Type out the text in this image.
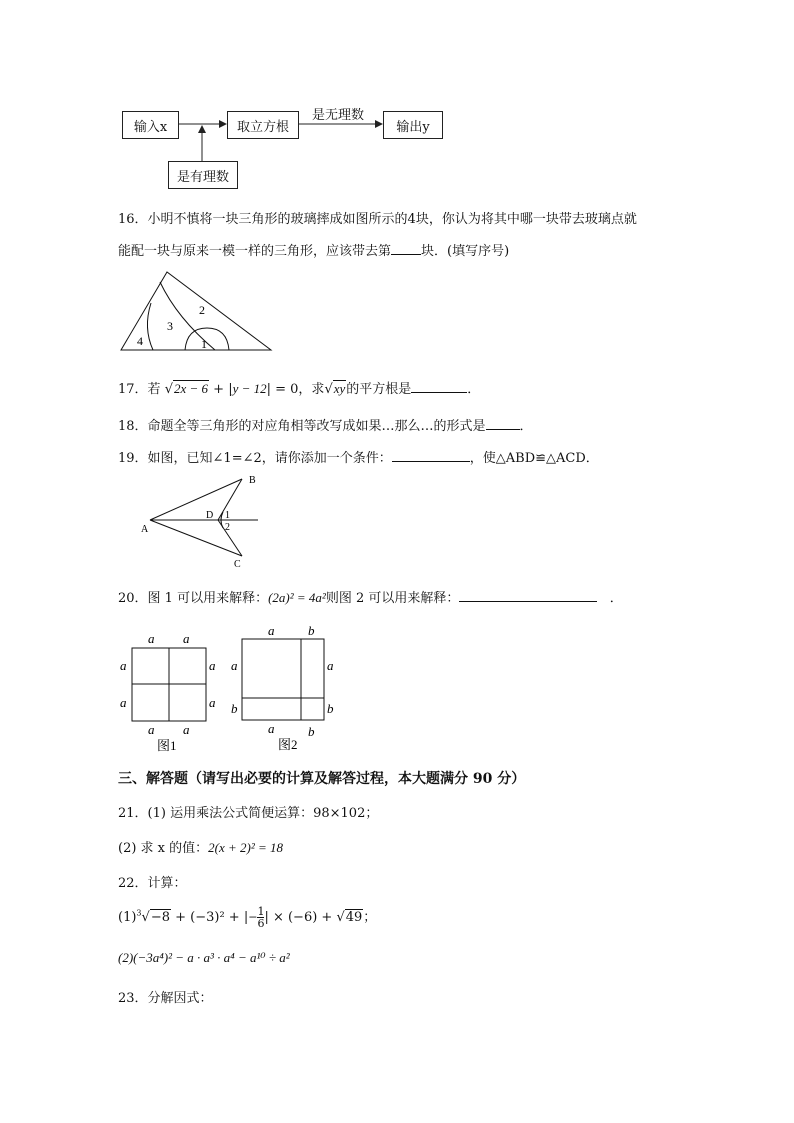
输入x	取立方根	输出y
是有理数
是无理数
16．小明不慎将一块三角形的玻璃摔成如图所示的4块，你认为将其中哪一块带去玻璃点就
能配一块与原来一模一样的三角形，应该带去第 块．(填写序号)
2
3
4	1
17．若 √2x − 6 + |y − 12| = 0，求√xy的平方根是	．
18．命题全等三角形的对应角相等改写成如果…那么…的形式是	．
19．如图，已知∠1=∠2，请你添加一个条件：	，使△ABD≌△ACD．
A
B
C
D 1
2
20．图 1 可以用来解释：(2a)² = 4a²则图 2 可以用来解释：	．
a a
a
a
a
a
a a
图1
a	b
a
b
a
b
a	b
图2
三、解答题（请写出必要的计算及解答过程，本大题满分 90 分）
21．(1) 运用乘法公式简便运算：98×102；
(2) 求 x 的值：2(x + 2)² = 18
22．计算：
$(1)^3√-8 + (-3)^2$ + |− $\frac{1}{6}$ | × (−6) + √49；
(2)(−3a⁴)² − a · a³ · a⁴ − a¹⁰ ÷ a²
23．分解因式：
